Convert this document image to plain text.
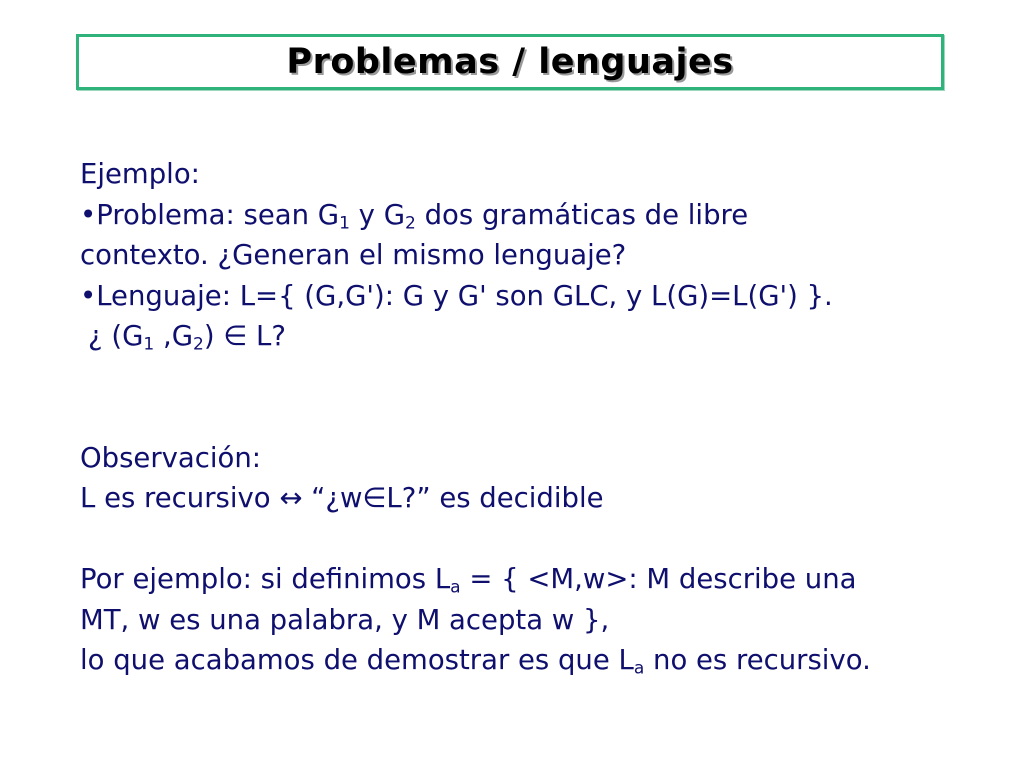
Problemas / lenguajes
Ejemplo:
•Problema: sean $G_1$ y $G_2$ dos gramáticas de libre
contexto. ¿Generan el mismo lenguaje?
•Lenguaje: L={ (G,G'): G y G' son GLC, y L(G)=L(G') }.
¿ ($G_1$ $,G_2$) ∈ L?
Observación:
L es recursivo ↔ “¿w∈L?” es decidible
Por ejemplo: si definimos $L_a$ = { <M,w>: M describe una
MT, w es una palabra, y M acepta w },
lo que acabamos de demostrar es que $L_a$ no es recursivo.
